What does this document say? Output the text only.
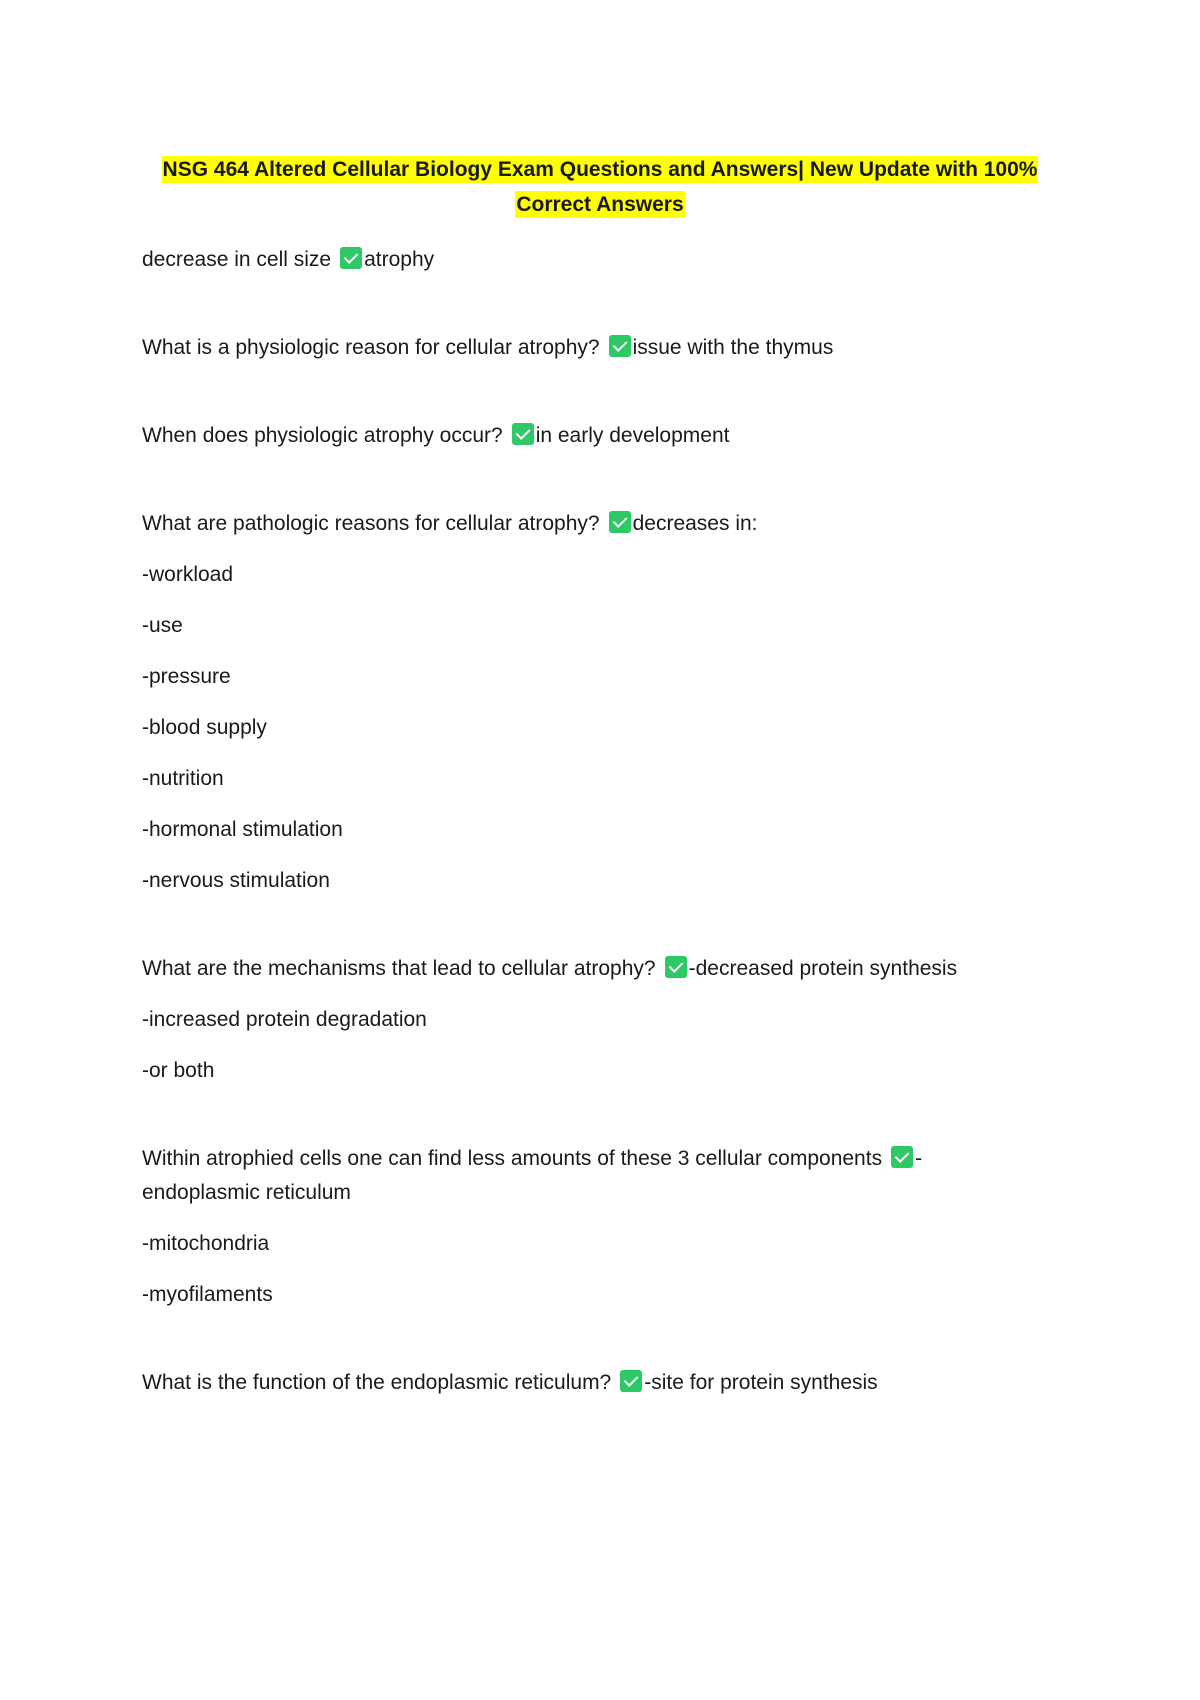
NSG 464 Altered Cellular Biology Exam Questions and Answers| New Update with 100%
Correct Answers
decrease in cell size atrophy
What is a physiologic reason for cellular atrophy? issue with the thymus
When does physiologic atrophy occur? in early development
What are pathologic reasons for cellular atrophy? decreases in:
-workload
-use
-pressure
-blood supply
-nutrition
-hormonal stimulation
-nervous stimulation
What are the mechanisms that lead to cellular atrophy? -decreased protein synthesis
-increased protein degradation
-or both
Within atrophied cells one can find less amounts of these 3 cellular components -endoplasmic reticulum
-mitochondria
-myofilaments
What is the function of the endoplasmic reticulum? -site for protein synthesis
